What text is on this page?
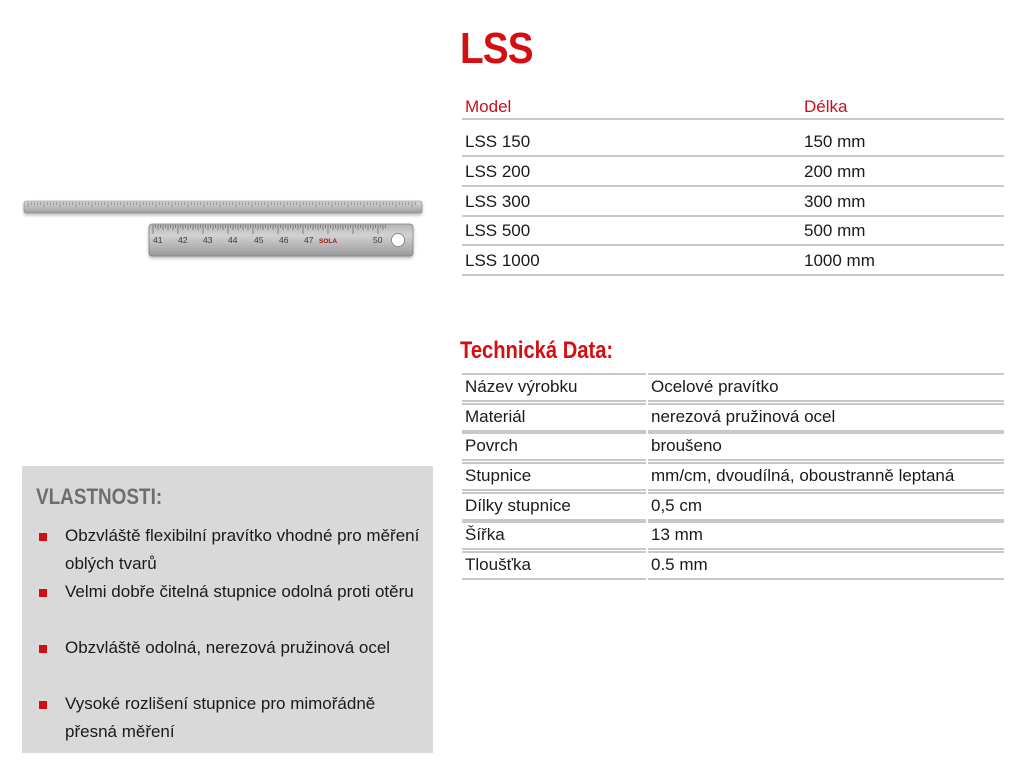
LSS
41 42 43 44 45 46 47	50
SOLA
Model	Délka
LSS 150	150 mm
LSS 200	200 mm
LSS 300	300 mm
LSS 500	500 mm
LSS 1000	1000 mm
Technická Data:
Název výrobku	Ocelové pravítko
Materiál	nerezová pružinová ocel
Povrch	broušeno
Stupnice	mm/cm, dvoudílná, oboustranně leptaná
Dílky stupnice	0,5 cm
Šířka	13 mm
Tloušťka	0.5 mm
VLASTNOSTI:
Obzvláště flexibilní pravítko vhodné pro měření oblých tvarů
Velmi dobře čitelná stupnice odolná proti otěru
Obzvláště odolná, nerezová pružinová ocel
Vysoké rozlišení stupnice pro mimořádně přesná měření
